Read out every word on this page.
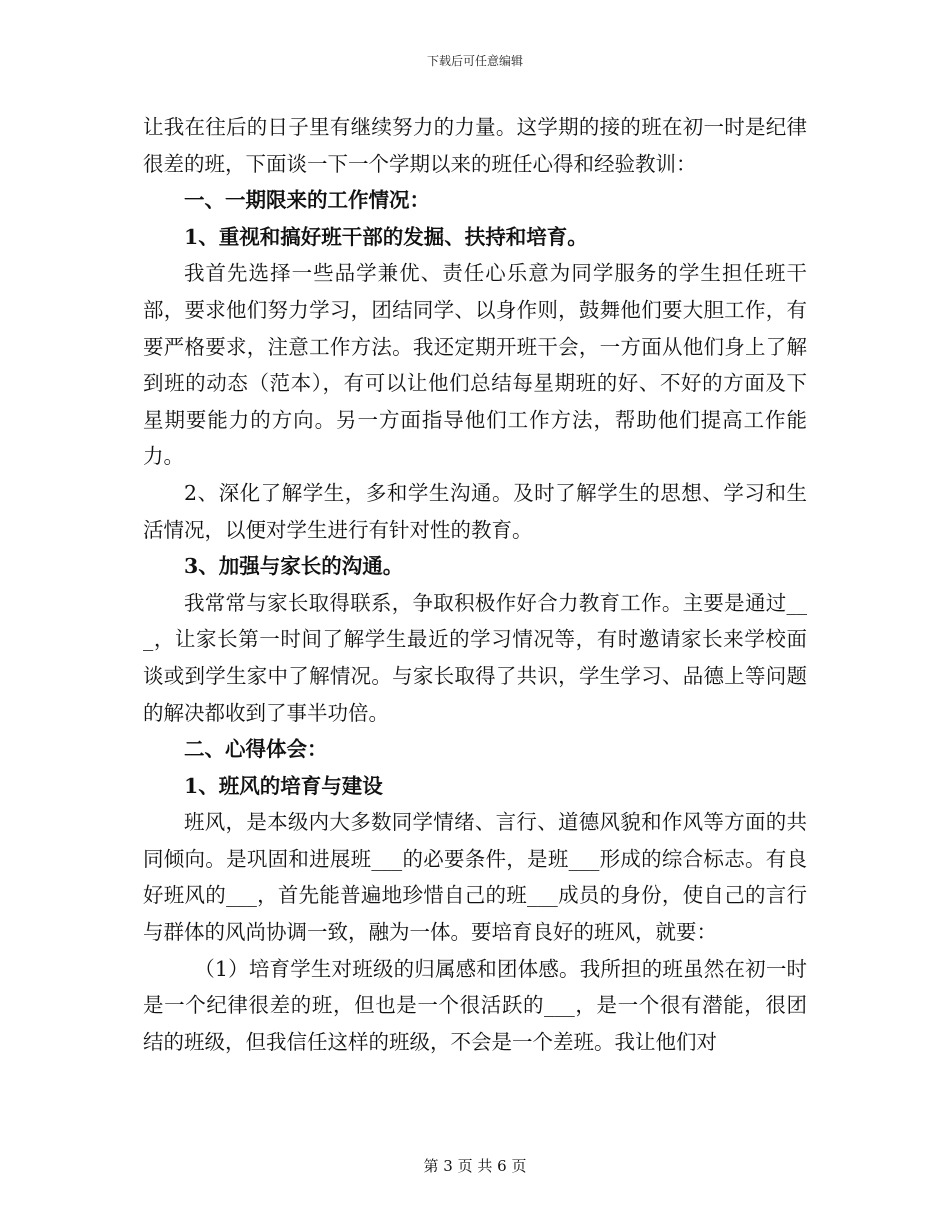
下载后可任意编辑

让我在往后的日子里有继续努力的力量。这学期的接的班在初一时是纪律很差的班，下面谈一下一个学期以来的班任心得和经验教训：

一、一期限来的工作情况：

1、重视和搞好班干部的发掘、扶持和培育。

我首先选择一些品学兼优、责任心乐意为同学服务的学生担任班干部，要求他们努力学习，团结同学、以身作则，鼓舞他们要大胆工作，有要严格要求，注意工作方法。我还定期开班干会，一方面从他们身上了解到班的动态（范本），有可以让他们总结每星期班的好、不好的方面及下星期要能力的方向。另一方面指导他们工作方法，帮助他们提高工作能力。

2、深化了解学生，多和学生沟通。及时了解学生的思想、学习和生活情况，以便对学生进行有针对性的教育。

3、加强与家长的沟通。

我常常与家长取得联系，争取积极作好合力教育工作。主要是通过___，让家长第一时间了解学生最近的学习情况等，有时邀请家长来学校面谈或到学生家中了解情况。与家长取得了共识，学生学习、品德上等问题的解决都收到了事半功倍。

二、心得体会：

1、班风的培育与建设

班风，是本级内大多数同学情绪、言行、道德风貌和作风等方面的共同倾向。是巩固和进展班___的必要条件，是班___形成的综合标志。有良好班风的___，首先能普遍地珍惜自己的班___成员的身份，使自己的言行与群体的风尚协调一致，融为一体。要培育良好的班风，就要：

（1）培育学生对班级的归属感和团体感。我所担的班虽然在初一时是一个纪律很差的班，但也是一个很活跃的___，是一个很有潜能，很团结的班级，但我信任这样的班级，不会是一个差班。我让他们对

第 3 页 共 6 页
